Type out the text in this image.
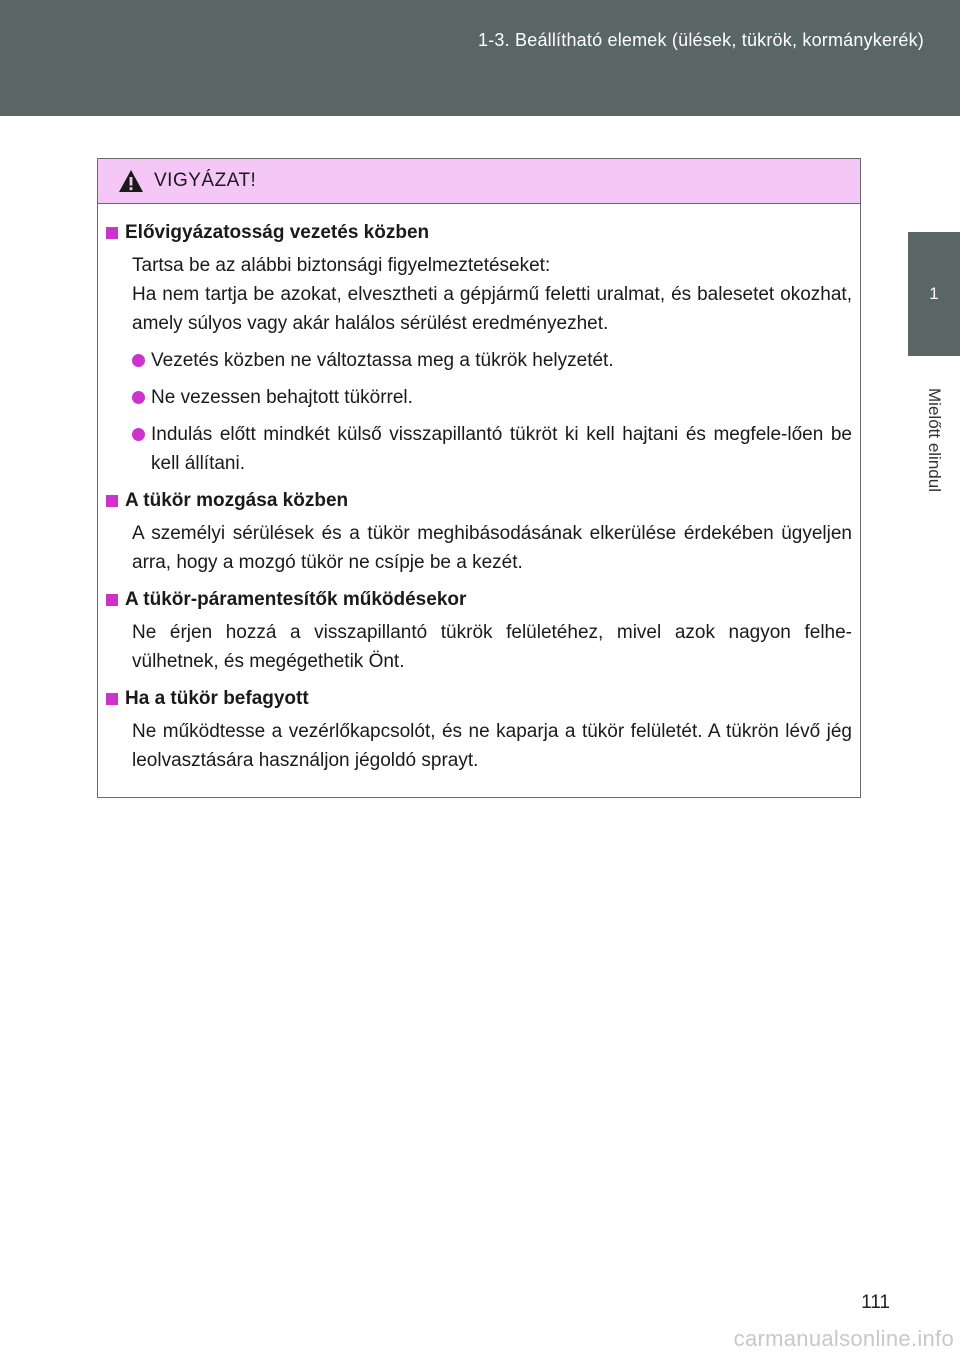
1-3. Beállítható elemek (ülések, tükrök, kormánykerék)
1
Mielőtt elindul
VIGYÁZAT!
Elővigyázatosság vezetés közben
Tartsa be az alábbi biztonsági figyelmeztetéseket:
Ha nem tartja be azokat, elvesztheti a gépjármű feletti uralmat, és balesetet okozhat, amely súlyos vagy akár halálos sérülést eredményezhet.
Vezetés közben ne változtassa meg a tükrök helyzetét.
Ne vezessen behajtott tükörrel.
Indulás előtt mindkét külső visszapillantó tükröt ki kell hajtani és megfele-lően be kell állítani.
A tükör mozgása közben
A személyi sérülések és a tükör meghibásodásának elkerülése érdekében ügyeljen arra, hogy a mozgó tükör ne csípje be a kezét.
A tükör-páramentesítők működésekor
Ne érjen hozzá a visszapillantó tükrök felületéhez, mivel azok nagyon felhe-vülhetnek, és megégethetik Önt.
Ha a tükör befagyott
Ne működtesse a vezérlőkapcsolót, és ne kaparja a tükör felületét. A tükrön lévő jég leolvasztására használjon jégoldó sprayt.
111
carmanualsonline.info
